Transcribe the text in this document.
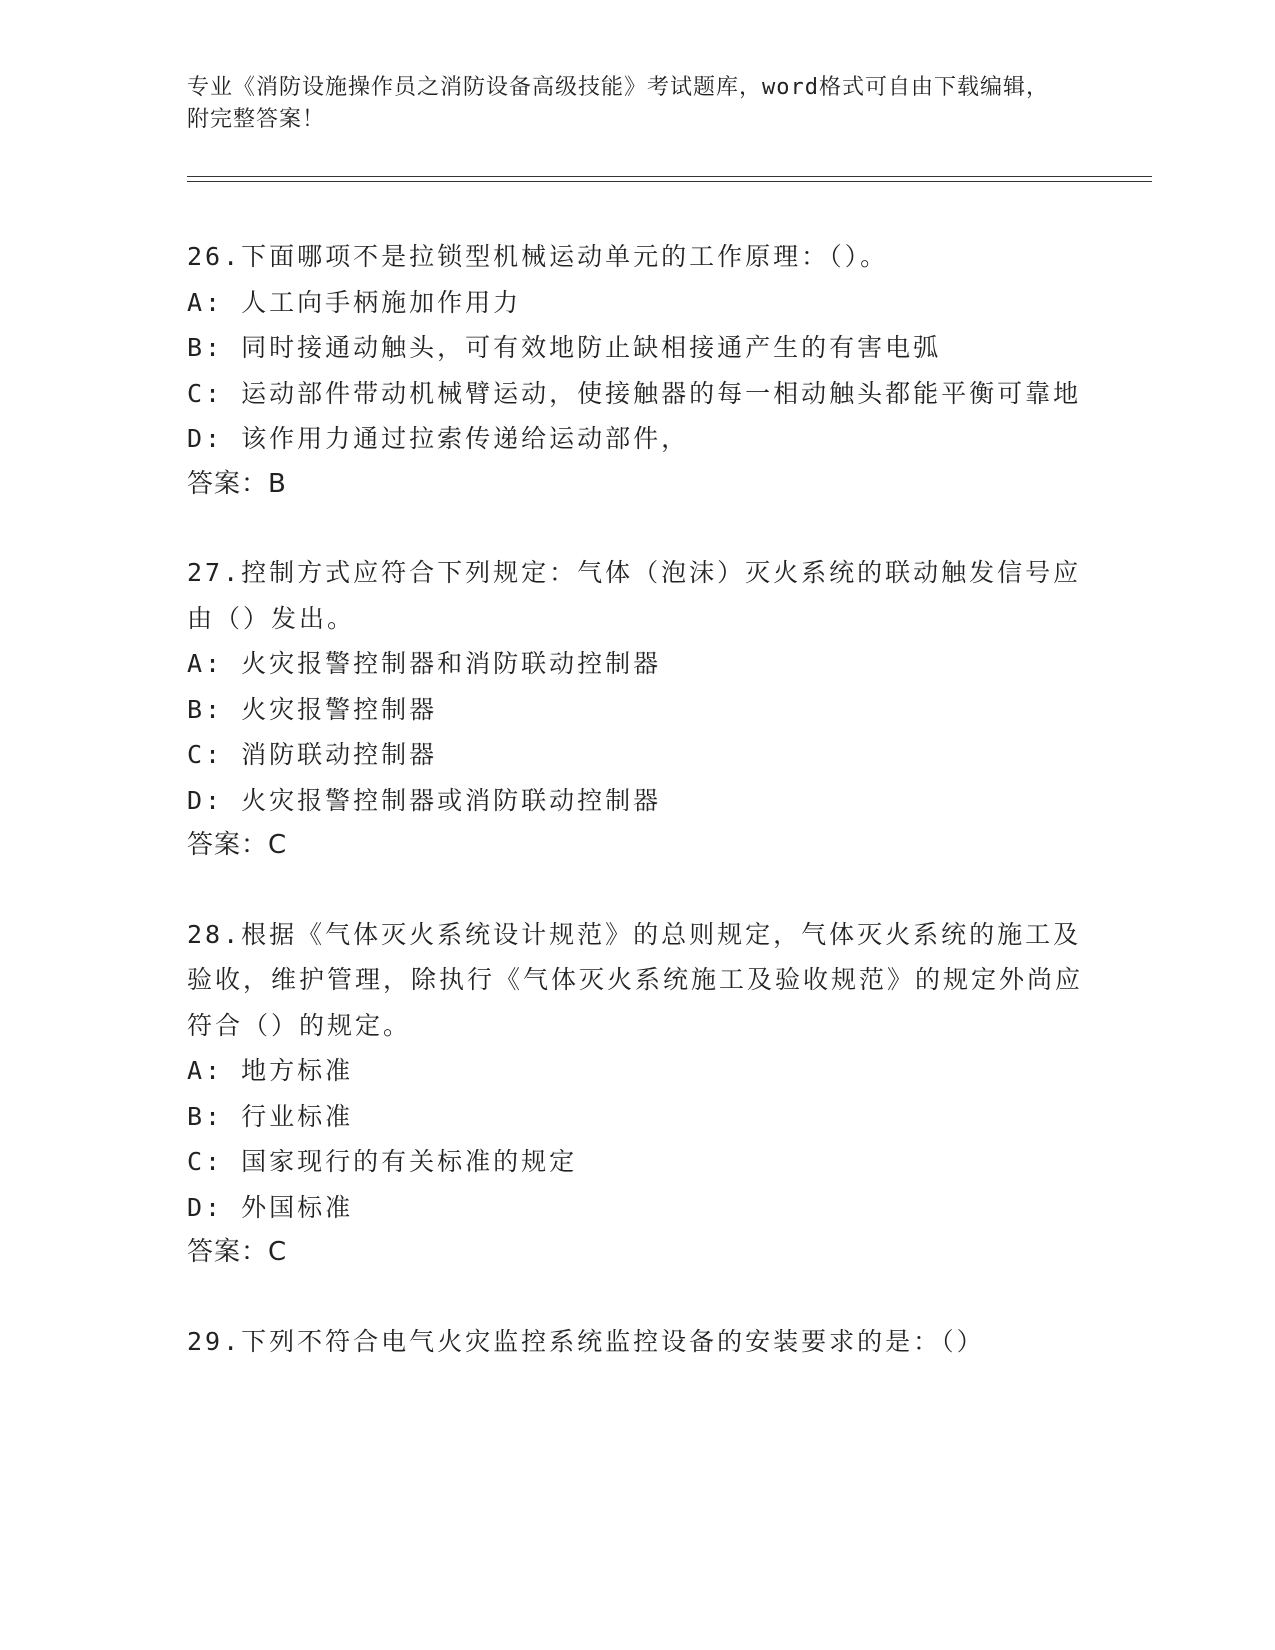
专业《消防设施操作员之消防设备高级技能》考试题库，word格式可自由下载编辑，附完整答案！
26.下面哪项不是拉锁型机械运动单元的工作原理：（）。
A: 人工向手柄施加作用力
B: 同时接通动触头，可有效地防止缺相接通产生的有害电弧
C: 运动部件带动机械臂运动，使接触器的每一相动触头都能平衡可靠地
D: 该作用力通过拉索传递给运动部件，
答案：B
27.控制方式应符合下列规定：气体（泡沫）灭火系统的联动触发信号应由（）发出。
A: 火灾报警控制器和消防联动控制器
B: 火灾报警控制器
C: 消防联动控制器
D: 火灾报警控制器或消防联动控制器
答案：C
28.根据《气体灭火系统设计规范》的总则规定，气体灭火系统的施工及验收，维护管理，除执行《气体灭火系统施工及验收规范》的规定外尚应符合（）的规定。
A: 地方标准
B: 行业标准
C: 国家现行的有关标准的规定
D: 外国标准
答案：C
29.下列不符合电气火灾监控系统监控设备的安装要求的是：（）
